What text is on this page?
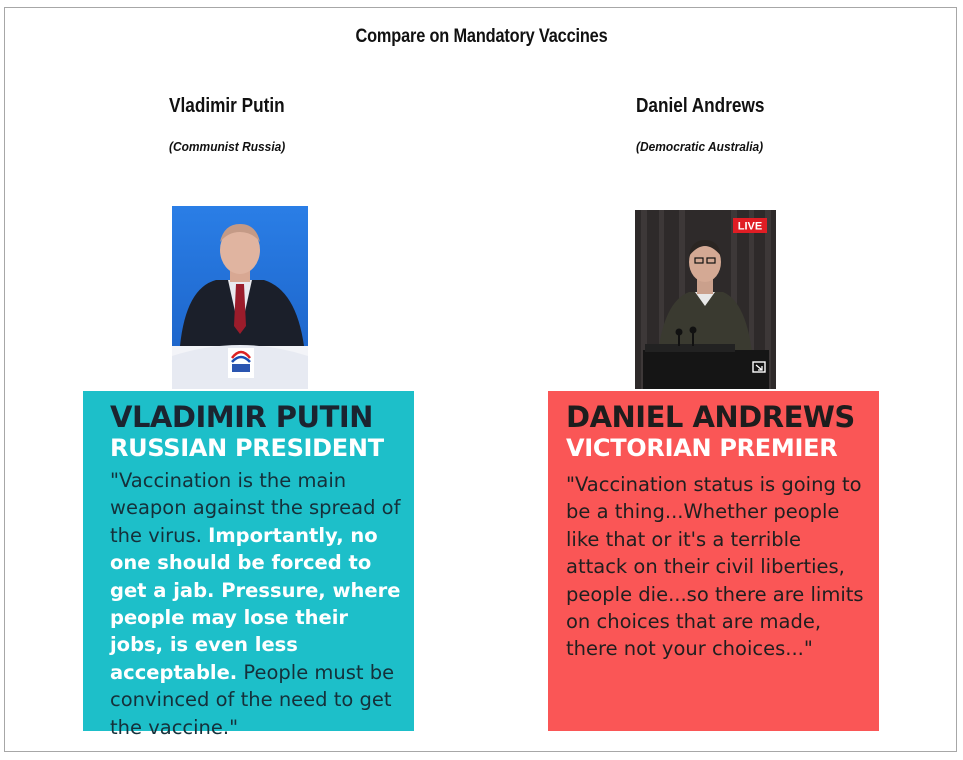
Compare on Mandatory Vaccines
Vladimir Putin
(Communist Russia)
VLADIMIR PUTIN
RUSSIAN PRESIDENT
"Vaccination is the main weapon against the spread of the virus. Importantly, no one should be forced to get a jab. Pressure, where people may lose their jobs, is even less acceptable. People must be convinced of the need to get the vaccine."
Daniel Andrews
(Democratic Australia)
LIVE
DANIEL ANDREWS
VICTORIAN PREMIER
"Vaccination status is going to be a thing...Whether people like that or it's a terrible attack on their civil liberties, people die...so there are limits on choices that are made, there not your choices..."
